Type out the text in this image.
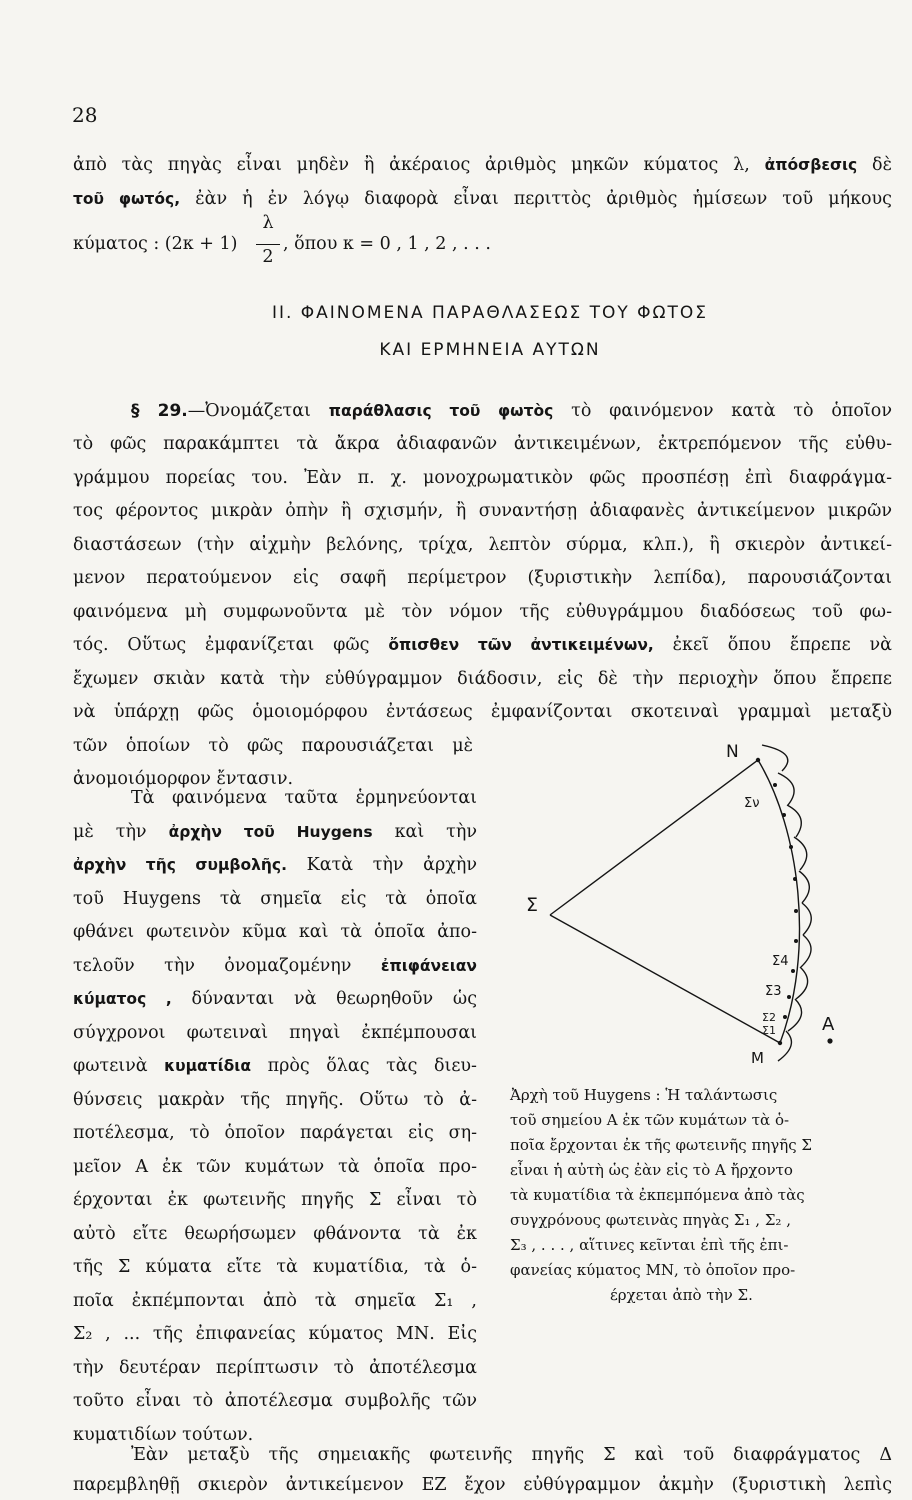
28
ἀπὸ τὰς πηγὰς εἶναι μηδὲν ἢ ἀκέραιος ἀριθμὸς μηκῶν κύματος λ, ἀπόσβεσις δὲ
τοῦ φωτός, ἐὰν ἡ ἐν λόγῳ διαφορὰ εἶναι περιττὸς ἀριθμὸς ἡμίσεων τοῦ μήκους
κύματος : (2κ + 1)
λ
2
, ὅπου κ = 0 , 1 , 2 , . . .
II. ΦΑΙΝΟΜΕΝΑ ΠΑΡΑΘΛΑΣΕΩΣ ΤΟΥ ΦΩΤΟΣ
ΚΑΙ ΕΡΜΗΝΕΙΑ ΑΥΤΩΝ
§ 29.—Ὀνομάζεται παράθλασις τοῦ φωτὸς τὸ φαινόμενον κατὰ τὸ ὁποῖον
τὸ φῶς παρακάμπτει τὰ ἄκρα ἀδιαφανῶν ἀντικειμένων, ἐκτρεπόμενον τῆς εὐθυ-
γράμμου πορείας του. Ἐὰν π. χ. μονοχρωματικὸν φῶς προσπέσῃ ἐπὶ διαφράγμα-
τος φέροντος μικρὰν ὀπὴν ἢ σχισμήν, ἢ συναντήσῃ ἀδιαφανὲς ἀντικείμενον μικρῶν
διαστάσεων (τὴν αἰχμὴν βελόνης, τρίχα, λεπτὸν σύρμα, κλπ.), ἢ σκιερὸν ἀντικεί-
μενον περατούμενον εἰς σαφῆ περίμετρον (ξυριστικὴν λεπίδα), παρουσιάζονται
φαινόμενα μὴ συμφωνοῦντα μὲ τὸν νόμον τῆς εὐθυγράμμου διαδόσεως τοῦ φω-
τός. Οὕτως ἐμφανίζεται φῶς ὄπισθεν τῶν ἀντικειμένων, ἐκεῖ ὅπου ἔπρεπε νὰ
ἔχωμεν σκιὰν κατὰ τὴν εὐθύγραμμον διάδοσιν, εἰς δὲ τὴν περιοχὴν ὅπου ἔπρεπε
νὰ ὑπάρχῃ φῶς ὁμοιομόρφου ἐντάσεως ἐμφανίζονται σκοτειναὶ γραμμαὶ μεταξὺ
τῶν ὁποίων τὸ φῶς παρουσιάζεται μὲ
ἀνομοιόμορφον ἔντασιν.
Τὰ φαινόμενα ταῦτα ἑρμηνεύονται
μὲ τὴν ἀρχὴν τοῦ Huygens καὶ τὴν
ἀρχὴν τῆς συμβολῆς. Κατὰ τὴν ἀρχὴν
τοῦ Huygens τὰ σημεῖα εἰς τὰ ὁποῖα
φθάνει φωτεινὸν κῦμα καὶ τὰ ὁποῖα ἀπο-
τελοῦν τὴν ὀνομαζομένην ἐπιφάνειαν
κύματος , δύνανται νὰ θεωρηθοῦν ὡς
σύγχρονοι φωτειναὶ πηγαὶ ἐκπέμπουσαι
φωτεινὰ κυματίδια πρὸς ὅλας τὰς διευ-
θύνσεις μακρὰν τῆς πηγῆς. Οὕτω τὸ ἀ-
ποτέλεσμα, τὸ ὁποῖον παράγεται εἰς ση-
μεῖον Α ἐκ τῶν κυμάτων τὰ ὁποῖα προ-
έρχονται ἐκ φωτεινῆς πηγῆς Σ εἶναι τὸ
αὐτὸ εἴτε θεωρήσωμεν φθάνοντα τὰ ἐκ
τῆς Σ κύματα εἴτε τὰ κυματίδια, τὰ ὁ-
ποῖα ἐκπέμπονται ἀπὸ τὰ σημεῖα Σ₁ ,
Σ₂ , ... τῆς ἐπιφανείας κύματος ΜΝ. Εἰς
τὴν δευτέραν περίπτωσιν τὸ ἀποτέλεσμα
τοῦτο εἶναι τὸ ἀποτέλεσμα συμβολῆς τῶν
κυματιδίων τούτων.
Ἐὰν μεταξὺ τῆς σημειακῆς φωτεινῆς πηγῆς Σ καὶ τοῦ διαφράγματος Δ
N
Σ
Σν
Σ4
Σ3
Σ2
Σ1	A
M
Ἀρχὴ τοῦ Huygens : Ἡ ταλάντωσις
τοῦ σημείου Α ἐκ τῶν κυμάτων τὰ ὁ-
ποῖα ἔρχονται ἐκ τῆς φωτεινῆς πηγῆς Σ
εἶναι ἡ αὐτὴ ὡς ἐὰν εἰς τὸ Α ἤρχοντο
τὰ κυματίδια τὰ ἐκπεμπόμενα ἀπὸ τὰς
συγχρόνους φωτεινὰς πηγὰς Σ₁ , Σ₂ ,
Σ₃ , . . . , αἵτινες κεῖνται ἐπὶ τῆς ἐπι-
φανείας κύματος ΜΝ, τὸ ὁποῖον προ-
έρχεται ἀπὸ τὴν Σ.
παρεμβληθῇ σκιερὸν ἀντικείμενον ΕΖ ἔχον εὐθύγραμμον ἀκμὴν (ξυριστικὴ λεπὶς
